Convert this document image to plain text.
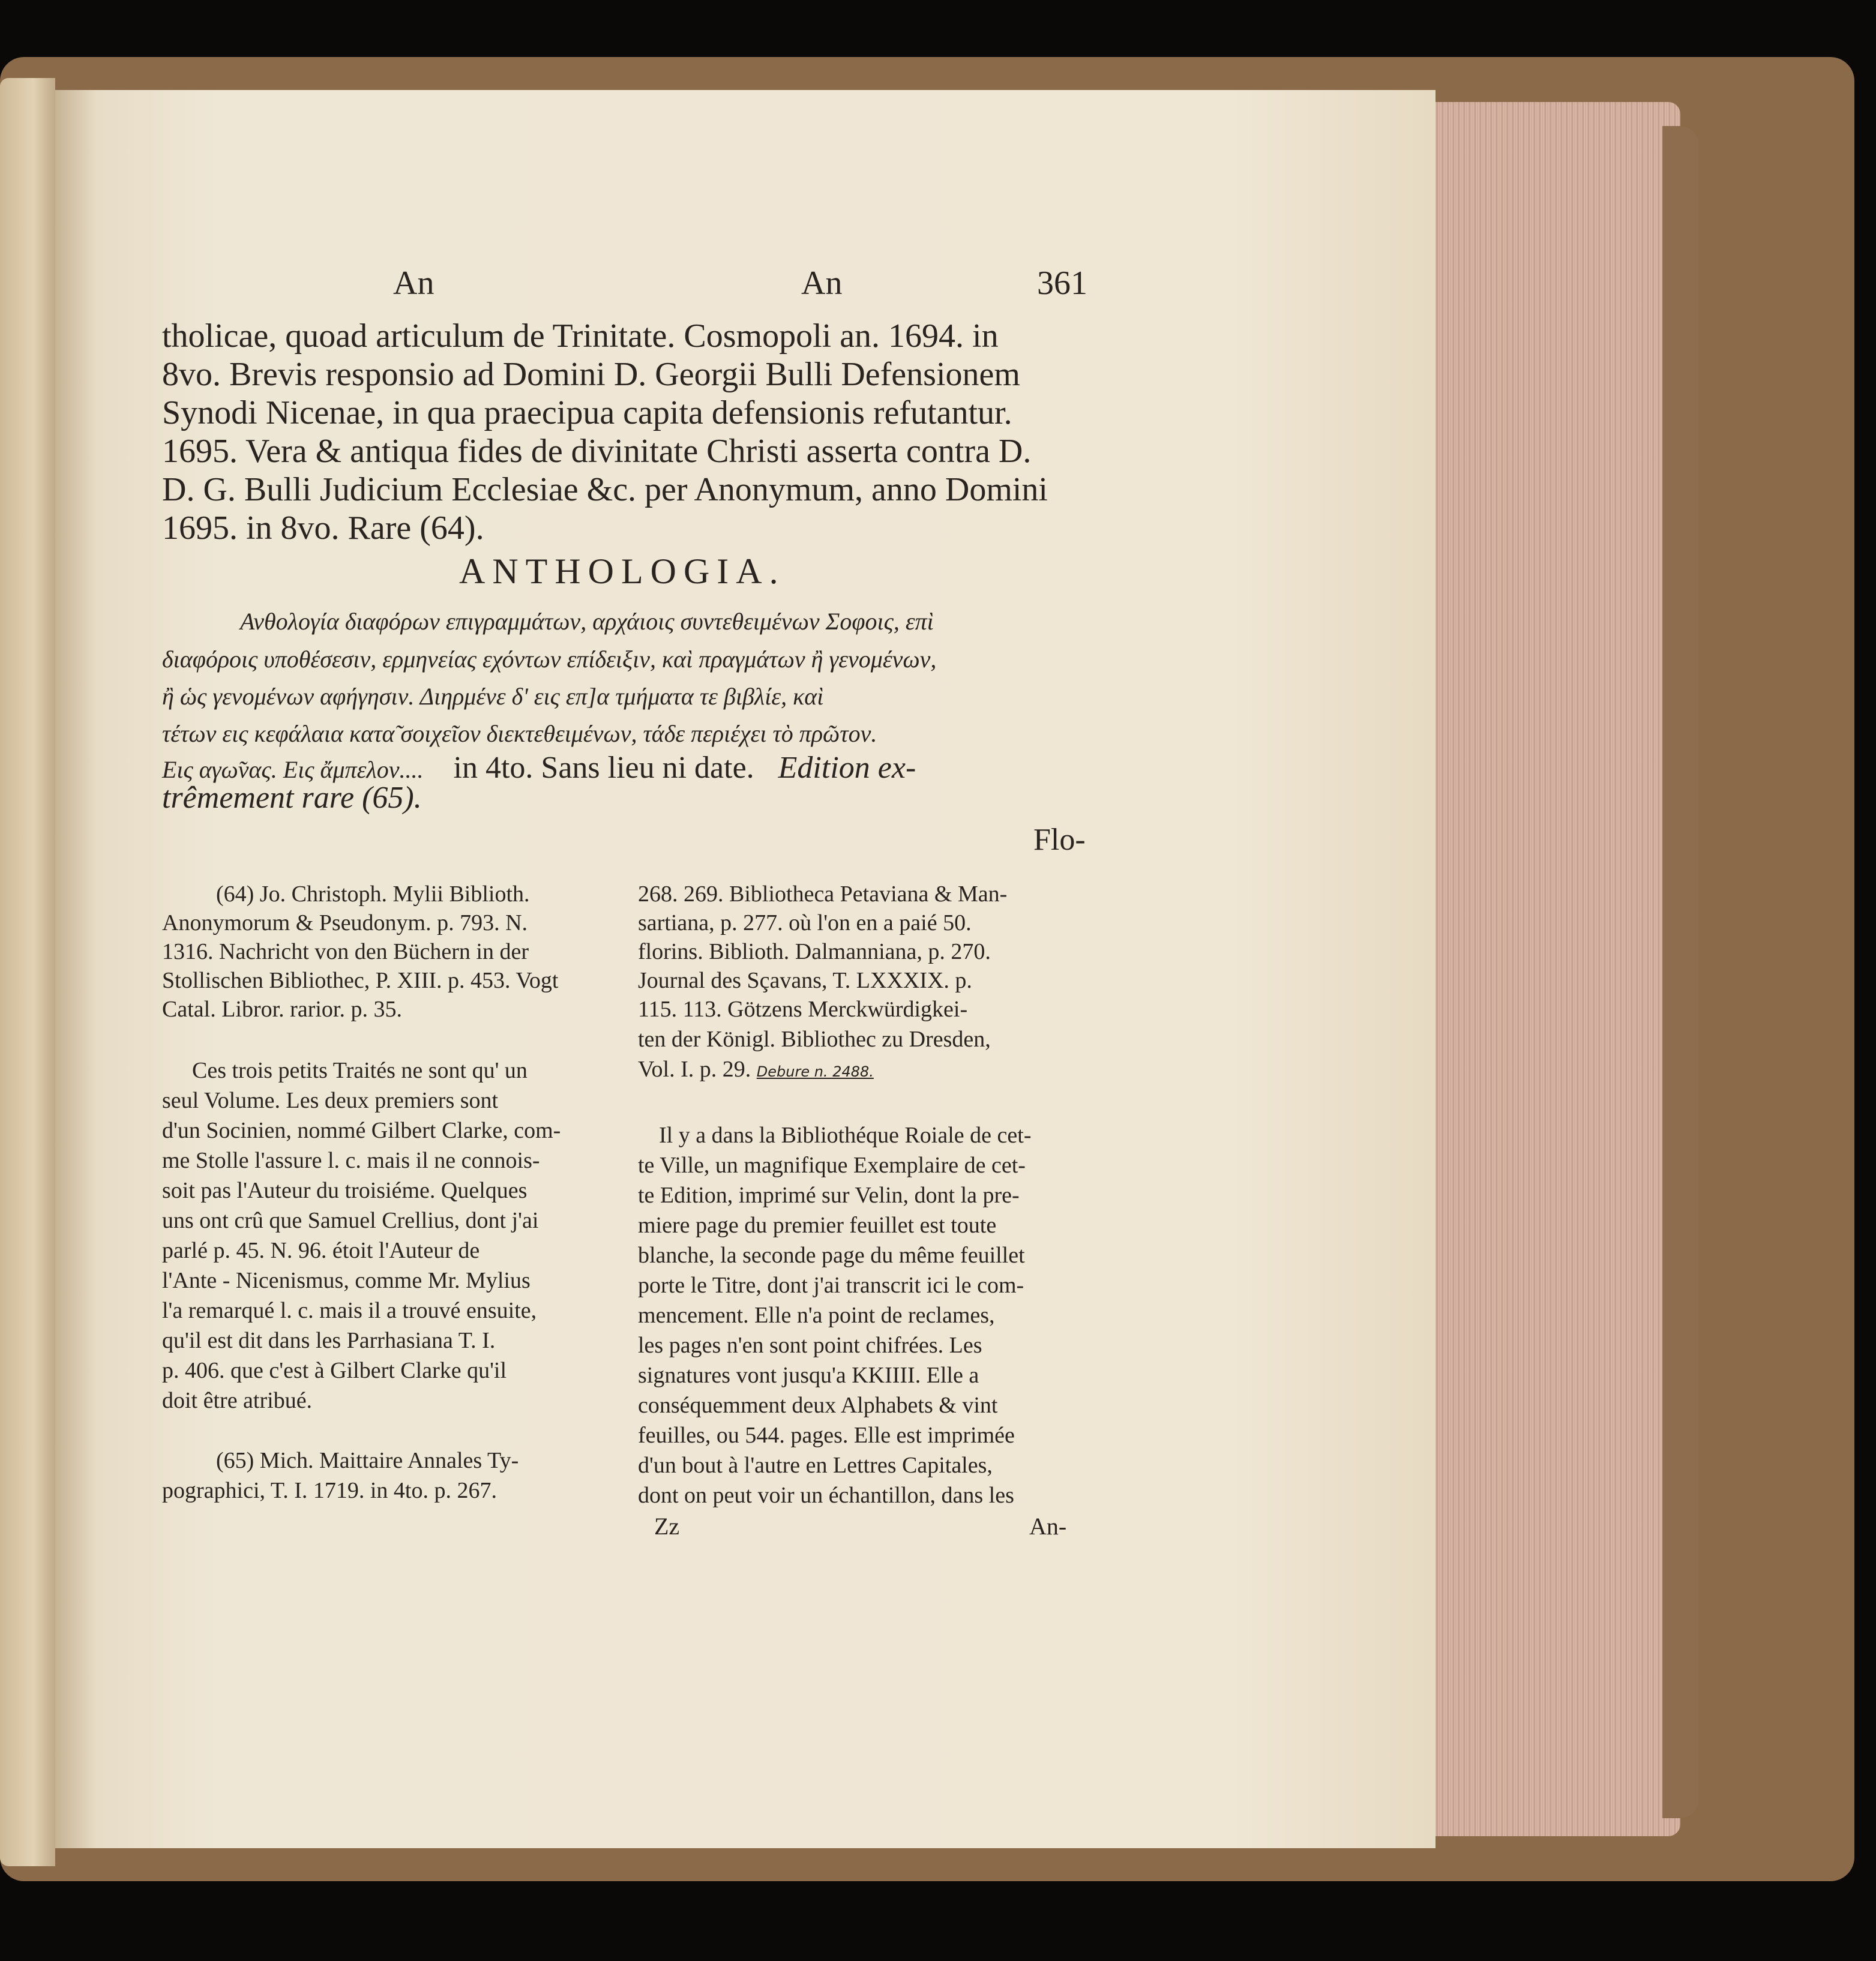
An	An	361
tholicae, quoad articulum de Trinitate. Cosmopoli an. 1694. in
8vo. Brevis responsio ad Domini D. Georgii Bulli Defensionem
Synodi Nicenae, in qua praecipua capita defensionis refutantur.
1695. Vera & antiqua fides de divinitate Christi asserta contra D.
D. G. Bulli Judicium Ecclesiae &c. per Anonymum, anno Domini
1695. in 8vo. Rare (64).
ANTHOLOGIA.
Ανθολογία διαφόρων επιγραμμάτων, αρχάιοις συντεθειμένων Σοφοις, επὶ
διαφόροις υποθέσεσιν, ερμηνείας εχόντων επίδειξιν, καὶ πραγμάτων ἢ γενομένων,
ἢ ὡς γενομένων αφήγησιν. Διηρμένε δ' εις επ]α τμήματα τε βιβλίε, καὶ
τέτων εις κεφάλαια κατα̃ σοιχεῖον διεκτεθειμένων, τάδε περιέχει τὸ πρῶτον.
Εις αγω̃νας. Εις ἄμπελον.... in 4to. Sans lieu ni date. Edition ex-
trêmement rare (65).
Flo-
(64) Jo. Christoph. Mylii Biblioth.
Anonymorum & Pseudonym. p. 793. N.
1316. Nachricht von den Büchern in der
Stollischen Bibliothec, P. XIII. p. 453. Vogt
Catal. Libror. rarior. p. 35.
Ces trois petits Traités ne sont qu' un
seul Volume. Les deux premiers sont
d'un Socinien, nommé Gilbert Clarke, com-
me Stolle l'assure l. c. mais il ne connois-
soit pas l'Auteur du troisiéme. Quelques
uns ont crû que Samuel Crellius, dont j'ai
parlé p. 45. N. 96. étoit l'Auteur de
l'Ante - Nicenismus, comme Mr. Mylius
l'a remarqué l. c. mais il a trouvé ensuite,
qu'il est dit dans les Parrhasiana T. I.
p. 406. que c'est à Gilbert Clarke qu'il
doit être atribué.
(65) Mich. Maittaire Annales Ty-
pographici, T. I. 1719. in 4to. p. 267.
268. 269. Bibliotheca Petaviana & Man-
sartiana, p. 277. où l'on en a paié 50.
florins. Biblioth. Dalmanniana, p. 270.
Journal des Sçavans, T. LXXXIX. p.
115. 113. Götzens Merckwürdigkei-
ten der Königl. Bibliothec zu Dresden,
Vol. I. p. 29. Debure n. 2488.
Il y a dans la Bibliothéque Roiale de cet-
te Ville, un magnifique Exemplaire de cet-
te Edition, imprimé sur Velin, dont la pre-
miere page du premier feuillet est toute
blanche, la seconde page du même feuillet
porte le Titre, dont j'ai transcrit ici le com-
mencement. Elle n'a point de reclames,
les pages n'en sont point chifrées. Les
signatures vont jusqu'a KKIIII. Elle a
conséquemment deux Alphabets & vint
feuilles, ou 544. pages. Elle est imprimée
d'un bout à l'autre en Lettres Capitales,
dont on peut voir un échantillon, dans les
Zz	An-
